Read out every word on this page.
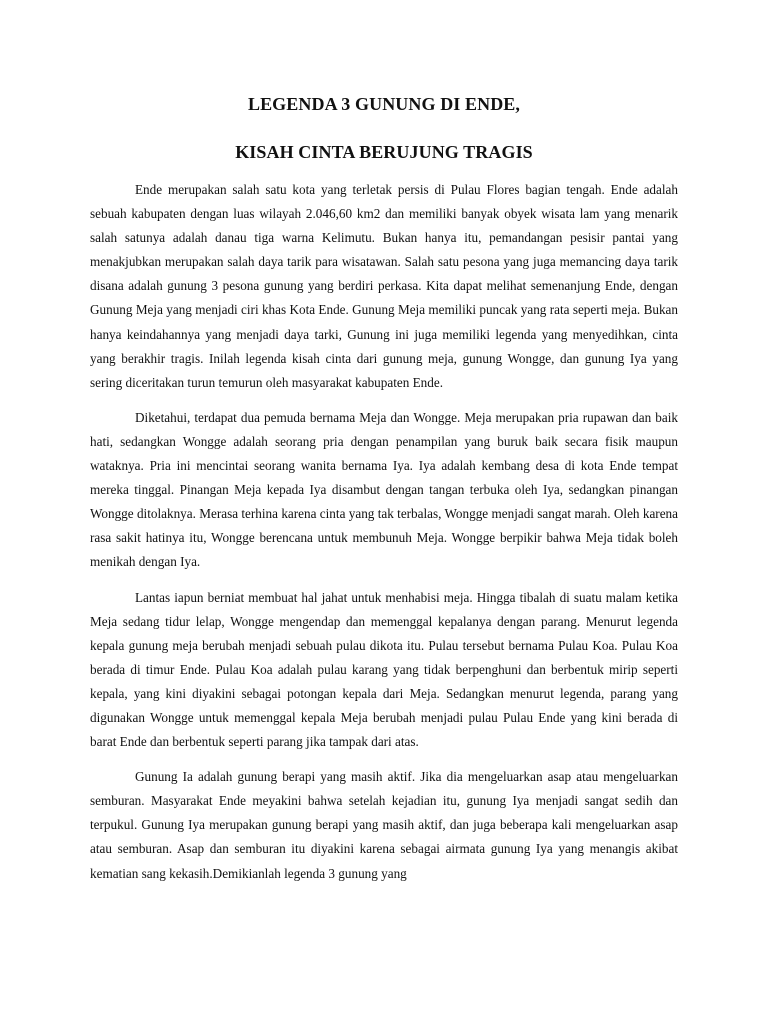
LEGENDA 3 GUNUNG DI ENDE,
KISAH CINTA BERUJUNG TRAGIS

Ende merupakan salah satu kota yang terletak persis di Pulau Flores bagian tengah. Ende adalah sebuah kabupaten dengan luas wilayah 2.046,60 km2 dan memiliki banyak obyek wisata lam yang menarik salah satunya adalah danau tiga warna Kelimutu. Bukan hanya itu, pemandangan pesisir pantai yang menakjubkan merupakan salah daya tarik para wisatawan. Salah satu pesona yang juga memancing daya tarik disana adalah gunung 3 pesona gunung yang berdiri perkasa. Kita dapat melihat semenanjung Ende, dengan Gunung Meja yang menjadi ciri khas Kota Ende. Gunung Meja memiliki puncak yang rata seperti meja. Bukan hanya keindahannya yang menjadi daya tarki, Gunung ini juga memiliki legenda yang menyedihkan, cinta yang berakhir tragis. Inilah legenda kisah cinta dari gunung meja, gunung Wongge, dan gunung Iya yang sering diceritakan turun temurun oleh masyarakat kabupaten Ende.

Diketahui, terdapat dua pemuda bernama Meja dan Wongge. Meja merupakan pria rupawan dan baik hati, sedangkan Wongge adalah seorang pria dengan penampilan yang buruk baik secara fisik maupun wataknya. Pria ini mencintai seorang wanita bernama Iya. Iya adalah kembang desa di kota Ende tempat mereka tinggal. Pinangan Meja kepada Iya disambut dengan tangan terbuka oleh Iya, sedangkan pinangan Wongge ditolaknya. Merasa terhina karena cinta yang tak terbalas, Wongge menjadi sangat marah. Oleh karena rasa sakit hatinya itu, Wongge berencana untuk membunuh Meja. Wongge berpikir bahwa Meja tidak boleh menikah dengan Iya.

Lantas iapun berniat membuat hal jahat untuk menhabisi meja. Hingga tibalah di suatu malam ketika Meja sedang tidur lelap, Wongge mengendap dan memenggal kepalanya dengan parang. Menurut legenda kepala gunung meja berubah menjadi sebuah pulau dikota itu. Pulau tersebut bernama Pulau Koa. Pulau Koa berada di timur Ende. Pulau Koa adalah pulau karang yang tidak berpenghuni dan berbentuk mirip seperti kepala, yang kini diyakini sebagai potongan kepala dari Meja. Sedangkan menurut legenda, parang yang digunakan Wongge untuk memenggal kepala Meja berubah menjadi pulau Pulau Ende yang kini berada di barat Ende dan berbentuk seperti parang jika tampak dari atas.

Gunung Ia adalah gunung berapi yang masih aktif. Jika dia mengeluarkan asap atau mengeluarkan semburan. Masyarakat Ende meyakini bahwa setelah kejadian itu, gunung Iya menjadi sangat sedih dan terpukul. Gunung Iya merupakan gunung berapi yang masih aktif, dan juga beberapa kali mengeluarkan asap atau semburan. Asap dan semburan itu diyakini karena sebagai airmata gunung Iya yang menangis akibat kematian sang kekasih.Demikianlah legenda 3 gunung yang
